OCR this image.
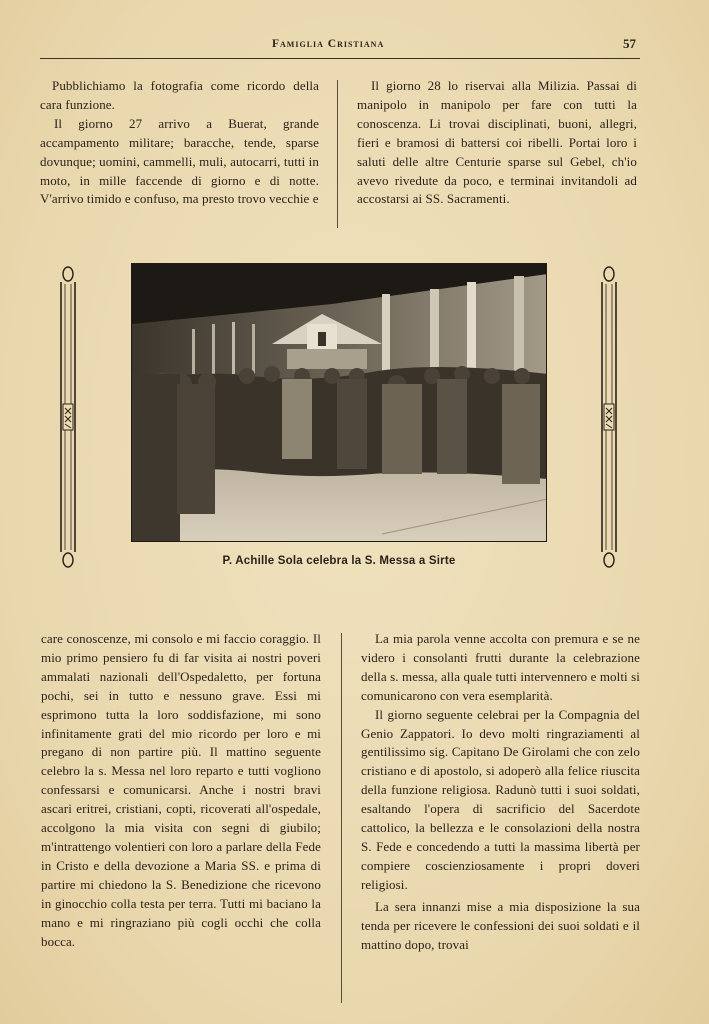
Famiglia Cristiana	57

Pubblichiamo la fotografia come ricordo della cara funzione.

Il giorno 27 arrivo a Buerat, grande accampamento militare; baracche, tende, sparse dovunque; uomini, cammelli, muli, autocarri, tutti in moto, in mille faccende di giorno e di notte. V'arrivo timido e confuso, ma presto trovo vecchie e

Il giorno 28 lo riservai alla Milizia. Passai di manipolo in manipolo per fare con tutti la conoscenza. Li trovai disciplinati, buoni, allegri, fieri e bramosi di battersi coi ribelli. Portai loro i saluti delle altre Centurie sparse sul Gebel, ch'io avevo rivedute da poco, e terminai invitandoli ad accostarsi ai SS. Sacramenti.

P. Achille Sola celebra la S. Messa a Sirte

care conoscenze, mi consolo e mi faccio coraggio. Il mio primo pensiero fu di far visita ai nostri poveri ammalati nazionali dell'Ospedaletto, per fortuna pochi, sei in tutto e nessuno grave. Essi mi esprimono tutta la loro soddisfazione, mi sono infinitamente grati del mio ricordo per loro e mi pregano di non partire più. Il mattino seguente celebro la s. Messa nel loro reparto e tutti vogliono confessarsi e comunicarsi. Anche i nostri bravi ascari eritrei, cristiani, copti, ricoverati all'ospedale, accolgono la mia visita con segni di giubilo; m'intrattengo volentieri con loro a parlare della Fede in Cristo e della devozione a Maria SS. e prima di partire mi chiedono la S. Benedizione che ricevono in ginocchio colla testa per terra. Tutti mi baciano la mano e mi ringraziano più cogli occhi che colla bocca.

La mia parola venne accolta con premura e se ne videro i consolanti frutti durante la celebrazione della s. messa, alla quale tutti intervennero e molti si comunicarono con vera esemplarità.

Il giorno seguente celebrai per la Compagnia del Genio Zappatori. Io devo molti ringraziamenti al gentilissimo sig. Capitano De Girolami che con zelo cristiano e di apostolo, si adoperò alla felice riuscita della funzione religiosa. Radunò tutti i suoi soldati, esaltando l'opera di sacrificio del Sacerdote cattolico, la bellezza e le consolazioni della nostra S. Fede e concedendo a tutti la massima libertà per compiere coscienziosamente i propri doveri religiosi.

La sera innanzi mise a mia disposizione la sua tenda per ricevere le confessioni dei suoi soldati e il mattino dopo, trovai
